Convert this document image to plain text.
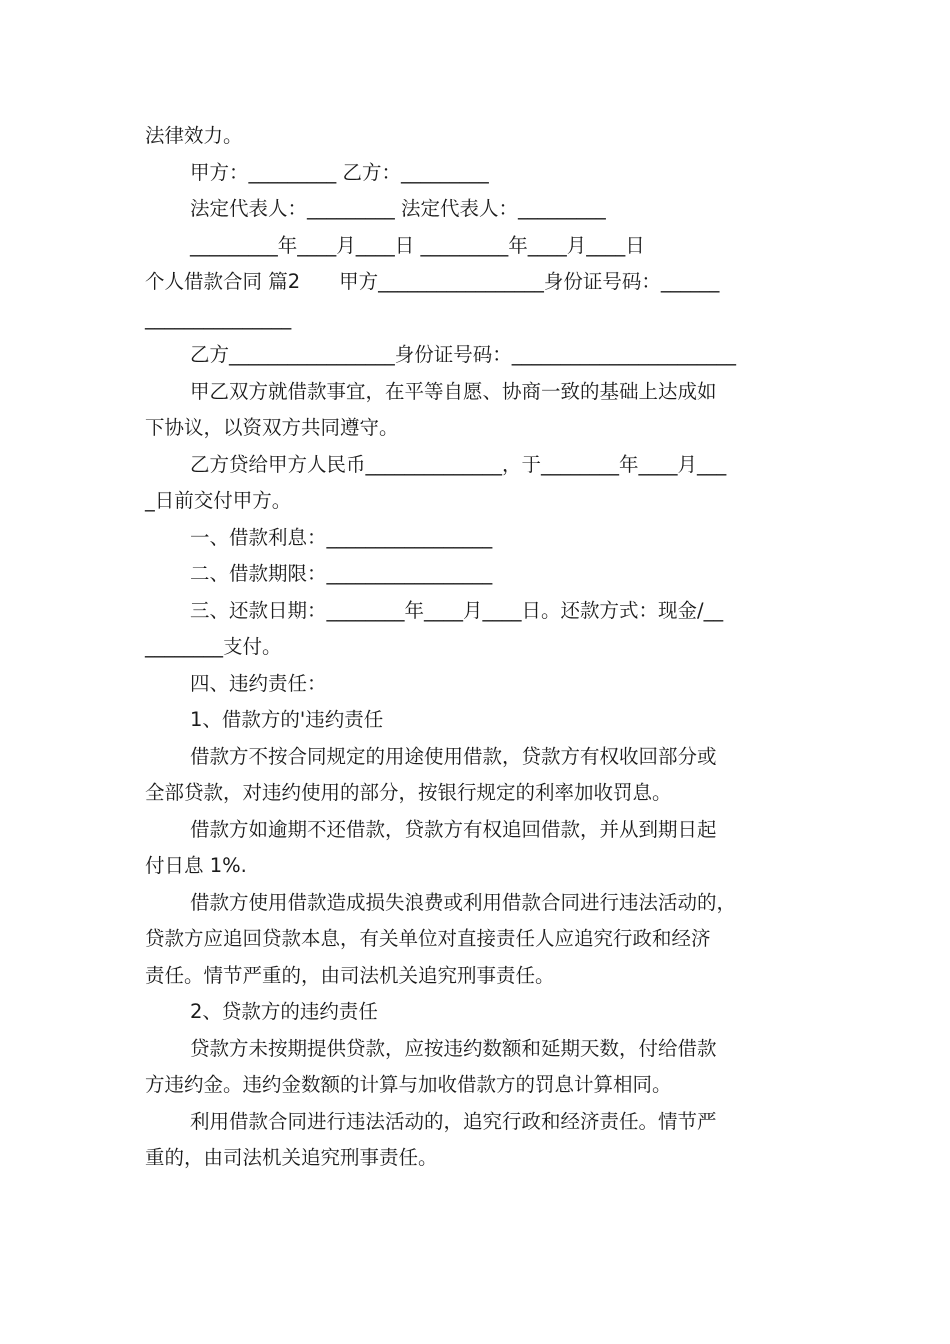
法律效力。
甲方：_________ 乙方：_________
法定代表人：_________ 法定代表人：_________
_________年____月____日 _________年____月____日
个人借款合同 篇2　　甲方_________________身份证号码：______
_______________
乙方_________________身份证号码：_______________________
甲乙双方就借款事宜，在平等自愿、协商一致的基础上达成如
下协议，以资双方共同遵守。
乙方贷给甲方人民币______________，于________年____月___
_日前交付甲方。
一、借款利息：_________________
二、借款期限：_________________
三、还款日期：________年____月____日。还款方式：现金/__
________支付。
四、违约责任：
1、借款方的'违约责任
借款方不按合同规定的用途使用借款，贷款方有权收回部分或
全部贷款，对违约使用的部分，按银行规定的利率加收罚息。
借款方如逾期不还借款，贷款方有权追回借款，并从到期日起
付日息 1%.
借款方使用借款造成损失浪费或利用借款合同进行违法活动的，
贷款方应追回贷款本息，有关单位对直接责任人应追究行政和经济
责任。情节严重的，由司法机关追究刑事责任。
2、贷款方的违约责任
贷款方未按期提供贷款，应按违约数额和延期天数，付给借款
方违约金。违约金数额的计算与加收借款方的罚息计算相同。
利用借款合同进行违法活动的，追究行政和经济责任。情节严
重的，由司法机关追究刑事责任。
